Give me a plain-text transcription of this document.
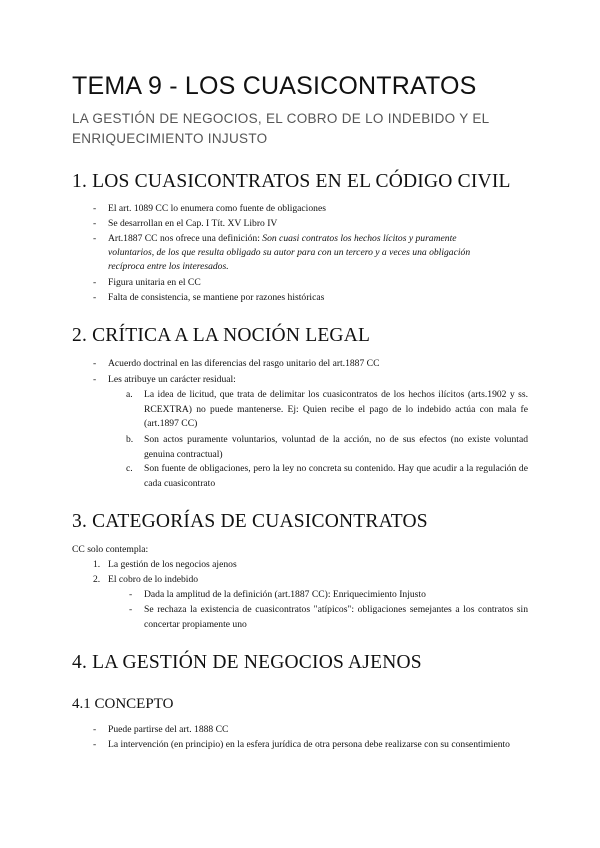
TEMA 9 - LOS CUASICONTRATOS
LA GESTIÓN DE NEGOCIOS, EL COBRO DE LO INDEBIDO Y EL ENRIQUECIMIENTO INJUSTO
1. LOS CUASICONTRATOS EN EL CÓDIGO CIVIL
- El art. 1089 CC lo enumera como fuente de obligaciones
- Se desarrollan en el Cap. I Tít. XV Libro IV
- Art.1887 CC nos ofrece una definición: Son cuasi contratos los hechos lícitos y puramente
voluntarios, de los que resulta obligado su autor para con un tercero y a veces una obligación
recíproca entre los interesados.
- Figura unitaria en el CC
- Falta de consistencia, se mantiene por razones históricas
2. CRÍTICA A LA NOCIÓN LEGAL
- Acuerdo doctrinal en las diferencias del rasgo unitario del art.1887 CC
- Les atribuye un carácter residual:
a. La idea de licitud, que trata de delimitar los cuasicontratos de los hechos ilícitos (arts.1902 y ss. RCEXTRA) no puede mantenerse. Ej: Quien recibe el pago de lo indebido actúa con mala fe (art.1897 CC)
b. Son actos puramente voluntarios, voluntad de la acción, no de sus efectos (no existe voluntad genuina contractual)
c. Son fuente de obligaciones, pero la ley no concreta su contenido. Hay que acudir a la regulación de cada cuasicontrato
3. CATEGORÍAS DE CUASICONTRATOS
CC solo contempla:
1. La gestión de los negocios ajenos
2. El cobro de lo indebido
- Dada la amplitud de la definición (art.1887 CC): Enriquecimiento Injusto
- Se rechaza la existencia de cuasicontratos "atípicos": obligaciones semejantes a los contratos sin concertar propiamente uno
4. LA GESTIÓN DE NEGOCIOS AJENOS
4.1 CONCEPTO
- Puede partirse del art. 1888 CC
- La intervención (en principio) en la esfera jurídica de otra persona debe realizarse con su consentimiento
